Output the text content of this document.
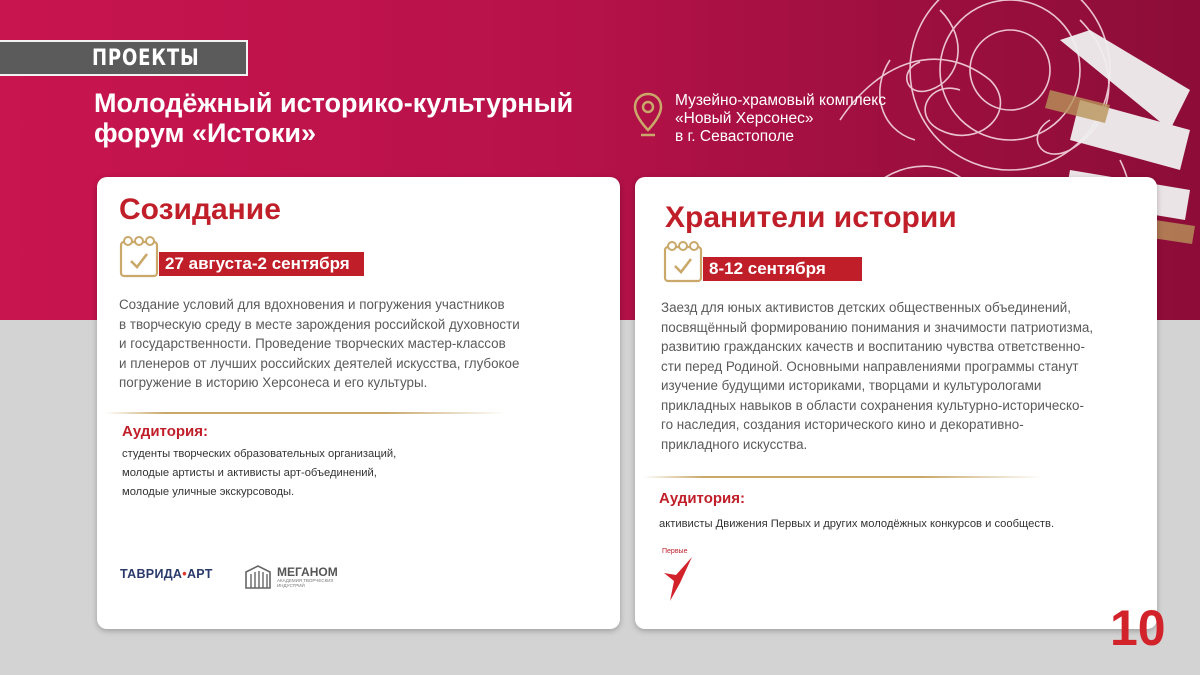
ПРОЕКТЫ
Молодёжный историко-культурный
форум «Истоки»
Музейно-храмовый комплекс
«Новый Херсонес»
в г. Севастополе
Созидание
27 августа-2 сентября
Создание условий для вдохновения и погружения участников
в творческую среду в месте зарождения российской духовности
и государственности. Проведение творческих мастер-классов
и пленеров от лучших российских деятелей искусства, глубокое
погружение в историю Херсонеса и его культуры.
Аудитория:
студенты творческих образовательных организаций,
молодые артисты и активисты арт-объединений,
молодые уличные экскурсоводы.
ТАВРИДА•АРТ	МЕГАНОМ
АКАДЕМИЯ ТВОРЧЕСКИХ ИНДУСТРИЙ
Хранители истории
8-12 сентября
Заезд для юных активистов детских общественных объединений,
посвящённый формированию понимания и значимости патриотизма,
развитию гражданских качеств и воспитанию чувства ответственно-
сти перед Родиной. Основными направлениями программы станут
изучение будущими историками, творцами и культурологами
прикладных навыков в области сохранения культурно-историческо-
го наследия, создания исторического кино и декоративно-
прикладного искусства.
Аудитория:
активисты Движения Первых и других молодёжных конкурсов и сообществ.
Первые
10
